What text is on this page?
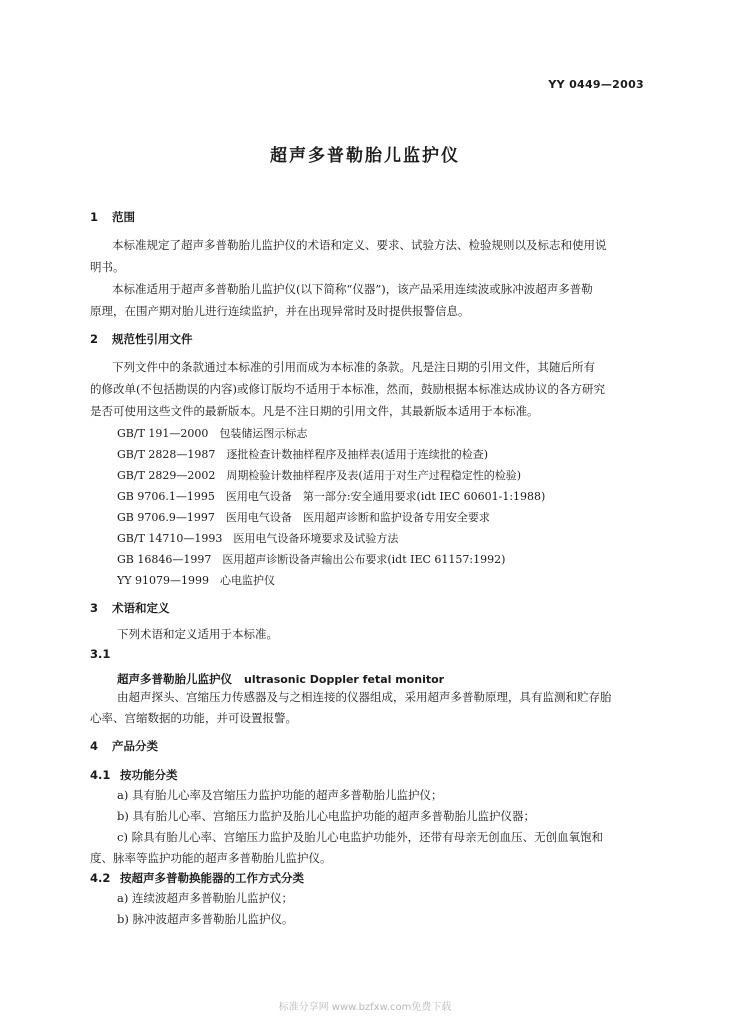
YY 0449—2003
超声多普勒胎儿监护仪
1 范围
本标准规定了超声多普勒胎儿监护仪的术语和定义、要求、试验方法、检验规则以及标志和使用说
明书。
本标准适用于超声多普勒胎儿监护仪(以下简称“仪器”)，该产品采用连续波或脉冲波超声多普勒
原理，在围产期对胎儿进行连续监护，并在出现异常时及时提供报警信息。
2 规范性引用文件
下列文件中的条款通过本标准的引用而成为本标准的条款。凡是注日期的引用文件，其随后所有
的修改单(不包括勘误的内容)或修订版均不适用于本标准，然而，鼓励根据本标准达成协议的各方研究
是否可使用这些文件的最新版本。凡是不注日期的引用文件，其最新版本适用于本标准。
GB/T 191—2000　包装储运图示标志
GB/T 2828—1987　逐批检查计数抽样程序及抽样表(适用于连续批的检查)
GB/T 2829—2002　周期检验计数抽样程序及表(适用于对生产过程稳定性的检验)
GB 9706.1—1995　医用电气设备　第一部分:安全通用要求(idt IEC 60601-1:1988)
GB 9706.9—1997　医用电气设备　医用超声诊断和监护设备专用安全要求
GB/T 14710—1993　医用电气设备环境要求及试验方法
GB 16846—1997　医用超声诊断设备声输出公布要求(idt IEC 61157:1992)
YY 91079—1999　心电监护仪
3 术语和定义
下列术语和定义适用于本标准。
3.1
超声多普勒胎儿监护仪 ultrasonic Doppler fetal monitor
由超声探头、宫缩压力传感器及与之相连接的仪器组成，采用超声多普勒原理，具有监测和贮存胎
心率、宫缩数据的功能，并可设置报警。
4 产品分类
4.1 按功能分类
a) 具有胎儿心率及宫缩压力监护功能的超声多普勒胎儿监护仪；
b) 具有胎儿心率、宫缩压力监护及胎儿心电监护功能的超声多普勒胎儿监护仪器；
c) 除具有胎儿心率、宫缩压力监护及胎儿心电监护功能外，还带有母亲无创血压、无创血氧饱和
度、脉率等监护功能的超声多普勒胎儿监护仪。
4.2 按超声多普勒换能器的工作方式分类
a) 连续波超声多普勒胎儿监护仪；
b) 脉冲波超声多普勒胎儿监护仪。
标准分享网 www.bzfxw.com免费下载
